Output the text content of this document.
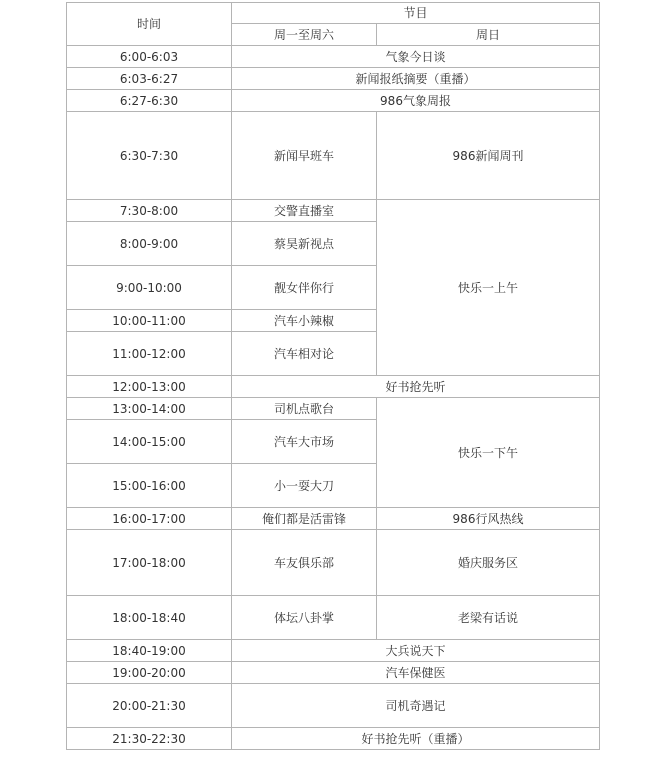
时间	节目	
	周一至周六	周日
6:00-6:03	气象今日谈	
6:03-6:27	新闻报纸摘要（重播）	
6:27-6:30	986气象周报	
6:30-7:30	新闻早班车	986新闻周刊
7:30-8:00	交警直播室	快乐一上午
8:00-9:00	蔡昊新视点	
9:00-10:00	靓女伴你行	
10:00-11:00	汽车小辣椒	
11:00-12:00	汽车相对论	
12:00-13:00	好书抢先听	
13:00-14:00	司机点歌台	快乐一下午
14:00-15:00	汽车大市场	
15:00-16:00	小一耍大刀	
16:00-17:00	俺们都是活雷锋	986行风热线
17:00-18:00	车友俱乐部	婚庆服务区
18:00-18:40	体坛八卦掌	老梁有话说
18:40-19:00	大兵说天下	
19:00-20:00	汽车保健医	
20:00-21:30	司机奇遇记	
21:30-22:30	好书抢先听（重播）	
